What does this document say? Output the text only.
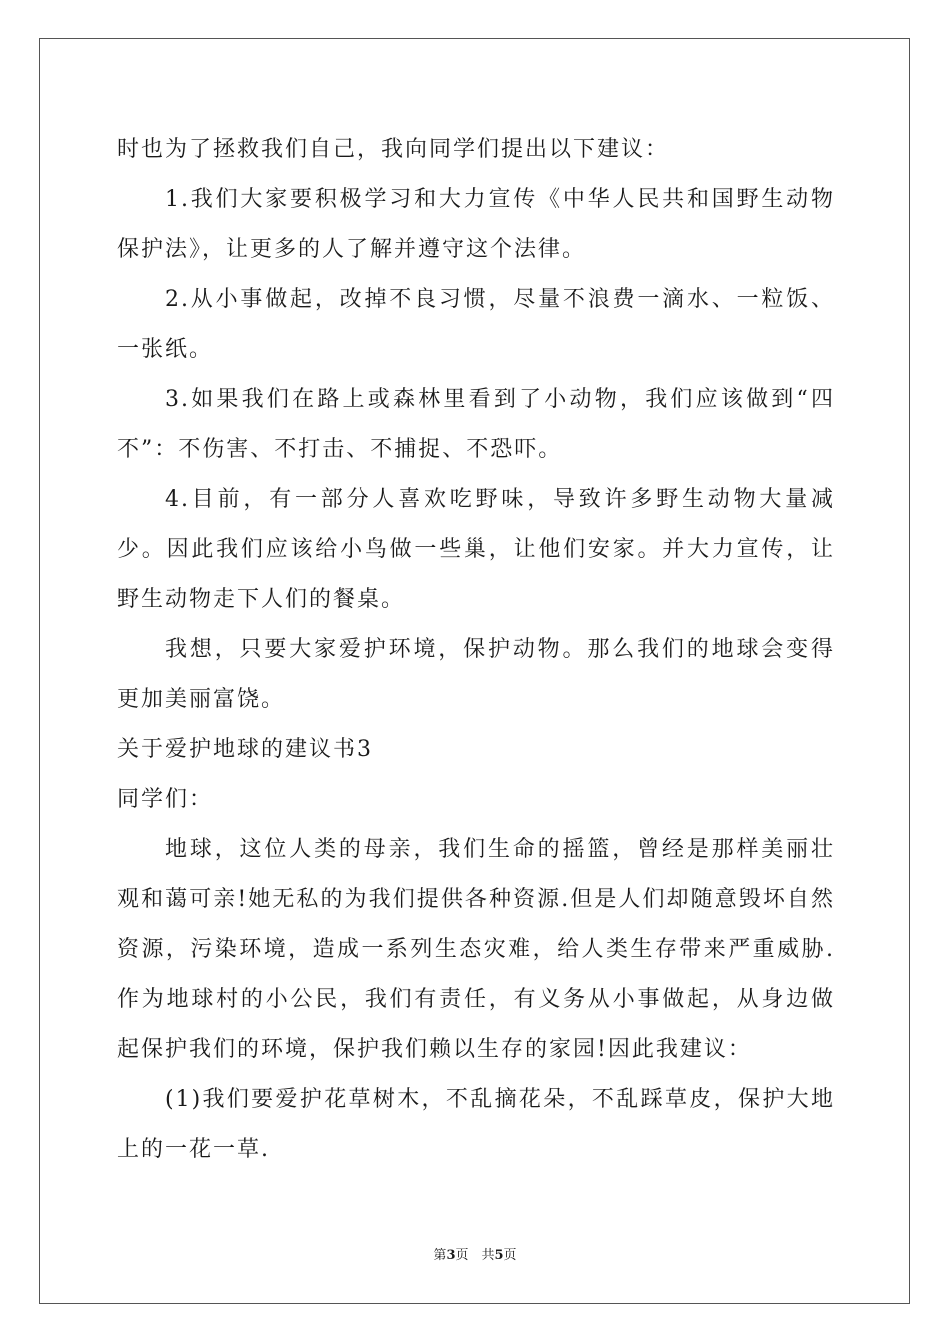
时也为了拯救我们自己，我向同学们提出以下建议：

1.我们大家要积极学习和大力宣传《中华人民共和国野生动物保护法》，让更多的人了解并遵守这个法律。

2.从小事做起，改掉不良习惯，尽量不浪费一滴水、一粒饭、一张纸。

3.如果我们在路上或森林里看到了小动物，我们应该做到“四不”：不伤害、不打击、不捕捉、不恐吓。

4.目前，有一部分人喜欢吃野味，导致许多野生动物大量减少。因此我们应该给小鸟做一些巢，让他们安家。并大力宣传，让野生动物走下人们的餐桌。

我想，只要大家爱护环境，保护动物。那么我们的地球会变得更加美丽富饶。

关于爱护地球的建议书3

同学们：

地球，这位人类的母亲，我们生命的摇篮，曾经是那样美丽壮观和蔼可亲!她无私的为我们提供各种资源.但是人们却随意毁坏自然资源，污染环境，造成一系列生态灾难，给人类生存带来严重威胁.作为地球村的小公民，我们有责任，有义务从小事做起，从身边做起保护我们的环境，保护我们赖以生存的家园!因此我建议：

(1)我们要爱护花草树木，不乱摘花朵，不乱踩草皮，保护大地上的一花一草.

第3页　共5页
